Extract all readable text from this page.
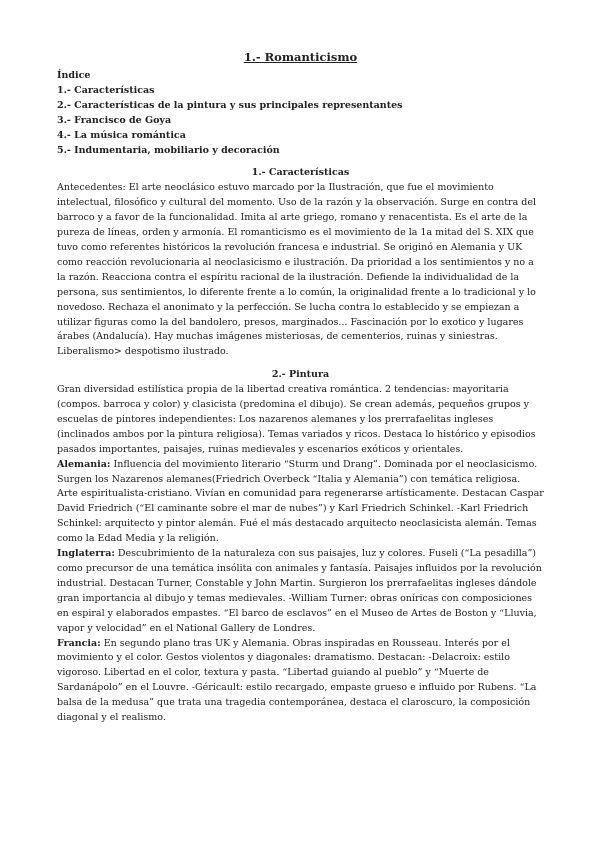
1.- Romanticismo
Índice
1.- Características
2.- Características de la pintura y sus principales representantes
3.- Francisco de Goya
4.- La música romántica
5.- Indumentaria, mobiliario y decoración
1.- Características

Antecedentes: El arte neoclásico estuvo marcado por la Ilustración, que fue el movimiento intelectual, filosófico y cultural del momento. Uso de la razón y la observación. Surge en contra del barroco y a favor de la funcionalidad. Imita al arte griego, romano y renacentista. Es el arte de la pureza de líneas, orden y armonía. El romanticismo es el movimiento de la 1a mitad del S. XIX que tuvo como referentes históricos la revolución francesa e industrial. Se originó en Alemania y UK como reacción revolucionaria al neoclasicismo e ilustración. Da prioridad a los sentimientos y no a la razón. Reacciona contra el espíritu racional de la ilustración. Defiende la individualidad de la persona, sus sentimientos, lo diferente frente a lo común, la originalidad frente a lo tradicional y lo novedoso. Rechaza el anonimato y la perfección. Se lucha contra lo establecido y se empiezan a utilizar figuras como la del bandolero, presos, marginados... Fascinación por lo exotico y lugares árabes (Andalucía). Hay muchas imágenes misteriosas, de cementerios, ruinas y siniestras. Liberalismo> despotismo ilustrado.

2.- Pintura

Gran diversidad estilística propia de la libertad creativa romántica. 2 tendencias: mayoritaria (compos. barroca y color) y clasicista (predomina el dibujo). Se crean además, pequeños grupos y escuelas de pintores independientes: Los nazarenos alemanes y los prerrafaelitas ingleses (inclinados ambos por la pintura religiosa). Temas variados y ricos. Destaca lo histórico y episodios pasados importantes, paisajes, ruinas medievales y escenarios exóticos y orientales.

Alemania: Influencia del movimiento literario “Sturm und Drang”. Dominada por el neoclasicismo. Surgen los Nazarenos alemanes(Friedrich Overbeck “Italia y Alemania”) con temática religiosa. Arte espiritualista-cristiano. Vivían en comunidad para regenerarse artísticamente. Destacan Caspar David Friedrich (“El caminante sobre el mar de nubes”) y Karl Friedrich Schinkel. -Karl Friedrich Schinkel: arquitecto y pintor alemán. Fué el más destacado arquitecto neoclasicista alemán. Temas como la Edad Media y la religión.

Inglaterra: Descubrimiento de la naturaleza con sus paisajes, luz y colores. Fuseli (“La pesadilla”) como precursor de una temática insólita con animales y fantasía. Paisajes influidos por la revolución industrial. Destacan Turner, Constable y John Martin. Surgieron los prerrafaelitas ingleses dándole gran importancia al dibujo y temas medievales. -William Turner: obras oníricas con composiciones en espiral y elaborados empastes. “El barco de esclavos” en el Museo de Artes de Boston y “Lluvia, vapor y velocidad” en el National Gallery de Londres.

Francia: En segundo plano tras UK y Alemania. Obras inspiradas en Rousseau. Interés por el movimiento y el color. Gestos violentos y diagonales: dramatismo. Destacan: -Delacroix: estilo vigoroso. Libertad en el color, textura y pasta. “Libertad guiando al pueblo” y “Muerte de Sardanápolo” en el Louvre. -Géricault: estilo recargado, empaste grueso e influido por Rubens. “La balsa de la medusa” que trata una tragedia contemporánea, destaca el claroscuro, la composición diagonal y el realismo.
